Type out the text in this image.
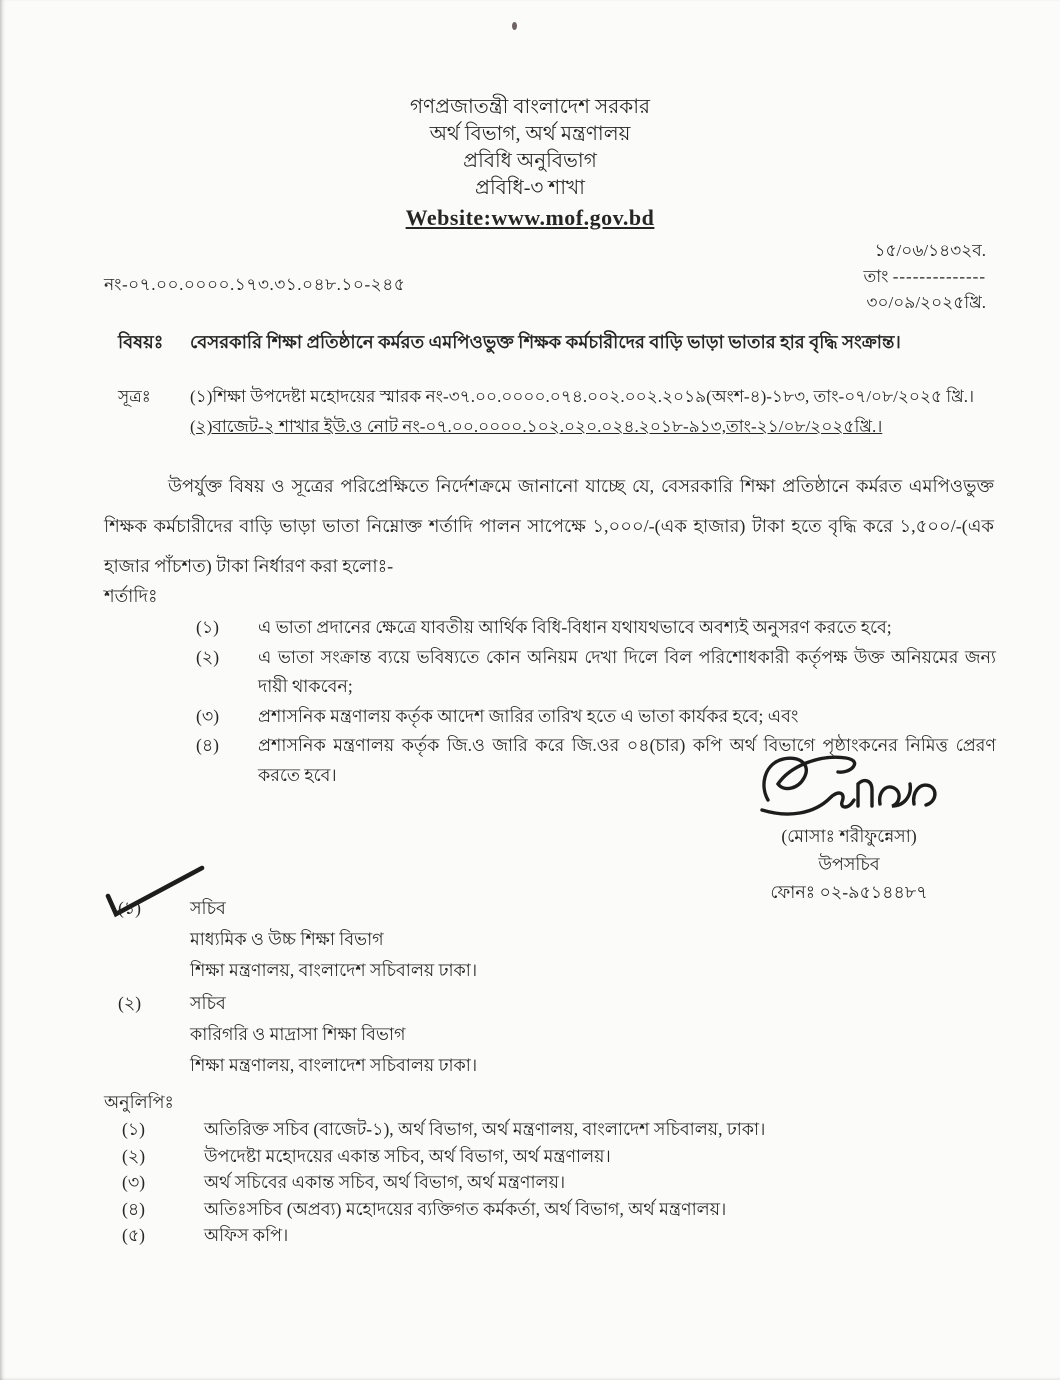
গণপ্রজাতন্ত্রী বাংলাদেশ সরকার
অর্থ বিভাগ, অর্থ মন্ত্রণালয়
প্রবিধি অনুবিভাগ
প্রবিধি-৩ শাখা
Website:www.mof.gov.bd
নং-০৭.০০.০০০০.১৭৩.৩১.০৪৮.১০-২৪৫
১৫/০৬/১৪৩২ব.
তাং --------------
৩০/০৯/২০২৫খ্রি.
বিষয়ঃ	বেসরকারি শিক্ষা প্রতিষ্ঠানে কর্মরত এমপিওভুক্ত শিক্ষক কর্মচারীদের বাড়ি ভাড়া ভাতার হার বৃদ্ধি সংক্রান্ত।
সূত্রঃ	(১)শিক্ষা উপদেষ্টা মহোদয়ের স্মারক নং-৩৭.০০.০০০০.০৭৪.০০২.০০২.২০১৯(অংশ-৪)-১৮৩, তাং-০৭/০৮/২০২৫ খ্রি.।
(২)বাজেট-২ শাখার ইউ.ও নোট নং-০৭.০০.০০০০.১০২.০২০.০২৪.২০১৮-৯১৩,তাং-২১/০৮/২০২৫খ্রি.।
উপর্যুক্ত বিষয় ও সূত্রের পরিপ্রেক্ষিতে নির্দেশক্রমে জানানো যাচ্ছে যে, বেসরকারি শিক্ষা প্রতিষ্ঠানে কর্মরত এমপিওভুক্ত শিক্ষক কর্মচারীদের বাড়ি ভাড়া ভাতা নিম্নোক্ত শর্তাদি পালন সাপেক্ষে ১,০০০/-(এক হাজার) টাকা হতে বৃদ্ধি করে ১,৫০০/-(এক হাজার পাঁচশত) টাকা নির্ধারণ করা হলোঃ-
শর্তাদিঃ
(১)	এ ভাতা প্রদানের ক্ষেত্রে যাবতীয় আর্থিক বিধি-বিধান যথাযথভাবে অবশ্যই অনুসরণ করতে হবে;
(২)	এ ভাতা সংক্রান্ত ব্যয়ে ভবিষ্যতে কোন অনিয়ম দেখা দিলে বিল পরিশোধকারী কর্তৃপক্ষ উক্ত অনিয়মের জন্য দায়ী থাকবেন;
(৩)	প্রশাসনিক মন্ত্রণালয় কর্তৃক আদেশ জারির তারিখ হতে এ ভাতা কার্যকর হবে; এবং
(৪)	প্রশাসনিক মন্ত্রণালয় কর্তৃক জি.ও জারি করে জি.ওর ০৪(চার) কপি অর্থ বিভাগে পৃষ্ঠাংকনের নিমিত্ত প্রেরণ করতে হবে।
(মোসাঃ শরীফুন্নেসা)
উপসচিব
ফোনঃ ০২-৯৫১৪৪৮৭
(১)	সচিব
মাধ্যমিক ও উচ্চ শিক্ষা বিভাগ
শিক্ষা মন্ত্রণালয়, বাংলাদেশ সচিবালয় ঢাকা।
(২)	সচিব
কারিগরি ও মাদ্রাসা শিক্ষা বিভাগ
শিক্ষা মন্ত্রণালয়, বাংলাদেশ সচিবালয় ঢাকা।
অনুলিপিঃ
(১)	অতিরিক্ত সচিব (বাজেট-১), অর্থ বিভাগ, অর্থ মন্ত্রণালয়, বাংলাদেশ সচিবালয়, ঢাকা।
(২)	উপদেষ্টা মহোদয়ের একান্ত সচিব, অর্থ বিভাগ, অর্থ মন্ত্রণালয়।
(৩)	অর্থ সচিবের একান্ত সচিব, অর্থ বিভাগ, অর্থ মন্ত্রণালয়।
(৪)	অতিঃসচিব (অপ্রব্য) মহোদয়ের ব্যক্তিগত কর্মকর্তা, অর্থ বিভাগ, অর্থ মন্ত্রণালয়।
(৫)	অফিস কপি।
